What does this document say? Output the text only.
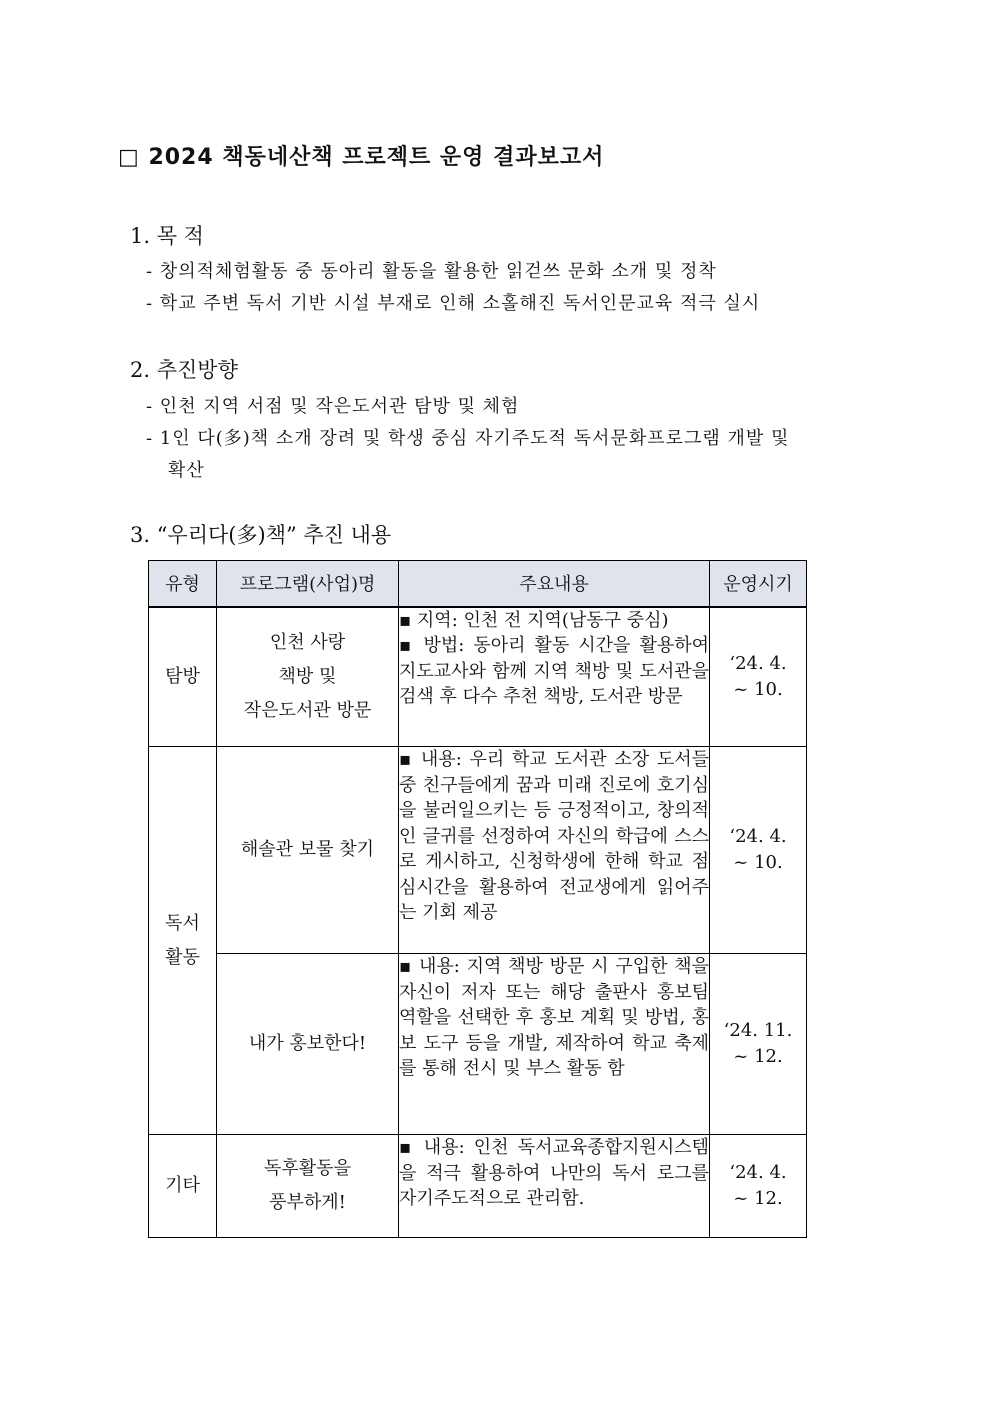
□ 2024 책동네산책 프로젝트 운영 결과보고서
1. 목 적
- 창의적체험활동 중 동아리 활동을 활용한 읽걷쓰 문화 소개 및 정착
- 학교 주변 독서 기반 시설 부재로 인해 소홀해진 독서인문교육 적극 실시
2. 추진방향
- 인천 지역 서점 및 작은도서관 탐방 및 체험
- 1인 다(多)책 소개 장려 및 학생 중심 자기주도적 독서문화프로그램 개발 및
확산
3. “우리다(多)책” 추진 내용
유형	프로그램(사업)명	주요내용	운영시기
탐방	인천 사랑
책방 및
작은도서관 방문	▪ 지역: 인천 전 지역(남동구 중심)
▪ 방법: 동아리 활동 시간을 활용하여 지도교사와 함께 지역 책방 및 도서관을 검색 후 다수 추천 책방, 도서관 방문	‘24. 4.
~ 10.
독서
활동	해솔관 보물 찾기	▪ 내용: 우리 학교 도서관 소장 도서들 중 친구들에게 꿈과 미래 진로에 호기심을 불러일으키는 등 긍정적이고, 창의적인 글귀를 선정하여 자신의 학급에 스스로 게시하고, 신청학생에 한해 학교 점심시간을 활용하여 전교생에게 읽어주는 기회 제공	‘24. 4.
~ 10.
	내가 홍보한다!	▪ 내용: 지역 책방 방문 시 구입한 책을 자신이 저자 또는 해당 출판사 홍보팀 역할을 선택한 후 홍보 계획 및 방법, 홍보 도구 등을 개발, 제작하여 학교 축제를 통해 전시 및 부스 활동 함	‘24. 11.
~ 12.
기타	독후활동을
풍부하게!	▪ 내용: 인천 독서교육종합지원시스템을 적극 활용하여 나만의 독서 로그를 자기주도적으로 관리함.	‘24. 4.
~ 12.
